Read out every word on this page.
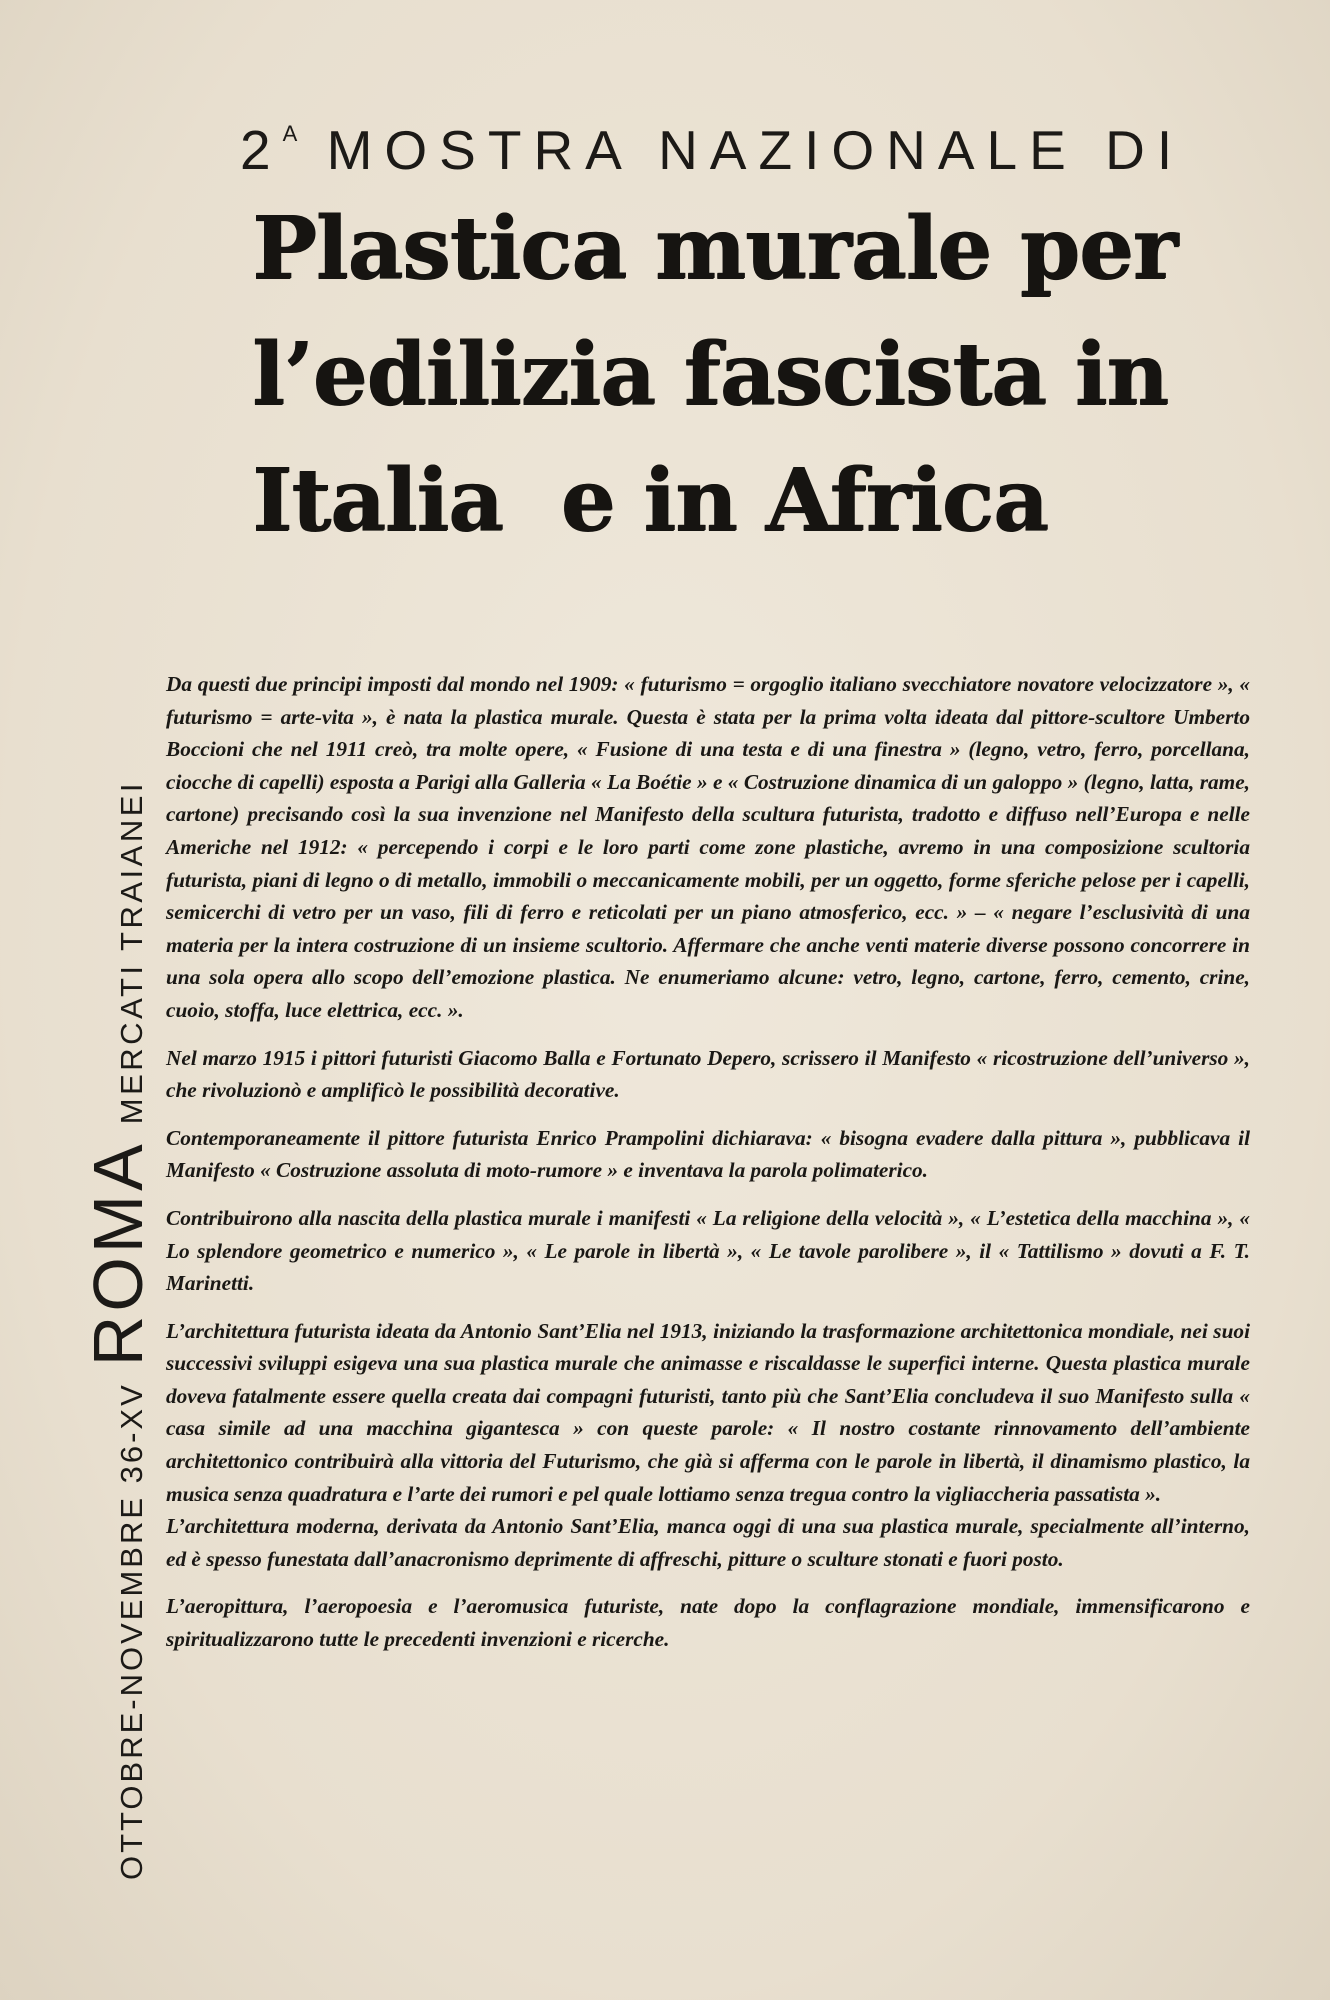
$2^A$ MOSTRA NAZIONALE DI
Plastica murale per
l’edilizia fascista in
Italia  e in Africa
OTTOBRE-NOVEMBRE 36-XVROMAMERCATI TRAIANEI

Da questi due principi imposti dal mondo nel 1909: « futurismo = orgoglio italiano svecchiatore novatore velocizzatore », « futurismo = arte-vita », è nata la plastica murale. Questa è stata per la prima volta ideata dal pittore-scultore Umberto Boccioni che nel 1911 creò, tra molte opere, « Fusione di una testa e di una finestra » (legno, vetro, ferro, porcellana, ciocche di capelli) esposta a Parigi alla Galleria « La Boétie » e « Costruzione dinamica di un galoppo » (legno, latta, rame, cartone) precisando così la sua invenzione nel Manifesto della scultura futurista, tradotto e diffuso nell’Europa e nelle Americhe nel 1912: « percependo i corpi e le loro parti come zone plastiche, avremo in una composizione scultoria futurista, piani di legno o di metallo, immobili o meccanicamente mobili, per un oggetto, forme sferiche pelose per i capelli, semicerchi di vetro per un vaso, fili di ferro e reticolati per un piano atmosferico, ecc. » – « negare l’esclusività di una materia per la intera costruzione di un insieme scultorio. Affermare che anche venti materie diverse possono concorrere in una sola opera allo scopo dell’emozione plastica. Ne enumeriamo alcune: vetro, legno, cartone, ferro, cemento, crine, cuoio, stoffa, luce elettrica, ecc. ».

Nel marzo 1915 i pittori futuristi Giacomo Balla e Fortunato Depero, scrissero il Manifesto « ricostruzione dell’universo », che rivoluzionò e amplificò le possibilità decorative.

Contemporaneamente il pittore futurista Enrico Prampolini dichiarava: « bisogna evadere dalla pittura », pubblicava il Manifesto « Costruzione assoluta di moto-rumore » e inventava la parola polimaterico.

Contribuirono alla nascita della plastica murale i manifesti « La religione della velocità », « L’estetica della macchina », « Lo splendore geometrico e numerico », « Le parole in libertà », « Le tavole parolibere », il « Tattilismo » dovuti a F. T. Marinetti.

L’architettura futurista ideata da Antonio Sant’Elia nel 1913, iniziando la trasformazione architettonica mondiale, nei suoi successivi sviluppi esigeva una sua plastica murale che animasse e riscaldasse le superfici interne. Questa plastica murale doveva fatalmente essere quella creata dai compagni futuristi, tanto più che Sant’Elia concludeva il suo Manifesto sulla « casa simile ad una macchina gigantesca » con queste parole: « Il nostro costante rinnovamento dell’ambiente architettonico contribuirà alla vittoria del Futurismo, che già si afferma con le parole in libertà, il dinamismo plastico, la musica senza quadratura e l’arte dei rumori e pel quale lottiamo senza tregua contro la vigliaccheria passatista ».

L’architettura moderna, derivata da Antonio Sant’Elia, manca oggi di una sua plastica murale, specialmente all’interno, ed è spesso funestata dall’anacronismo deprimente di affreschi, pitture o sculture stonati e fuori posto.

L’aeropittura, l’aeropoesia e l’aeromusica futuriste, nate dopo la conflagrazione mondiale, immensificarono e spiritualizzarono tutte le precedenti invenzioni e ricerche.
